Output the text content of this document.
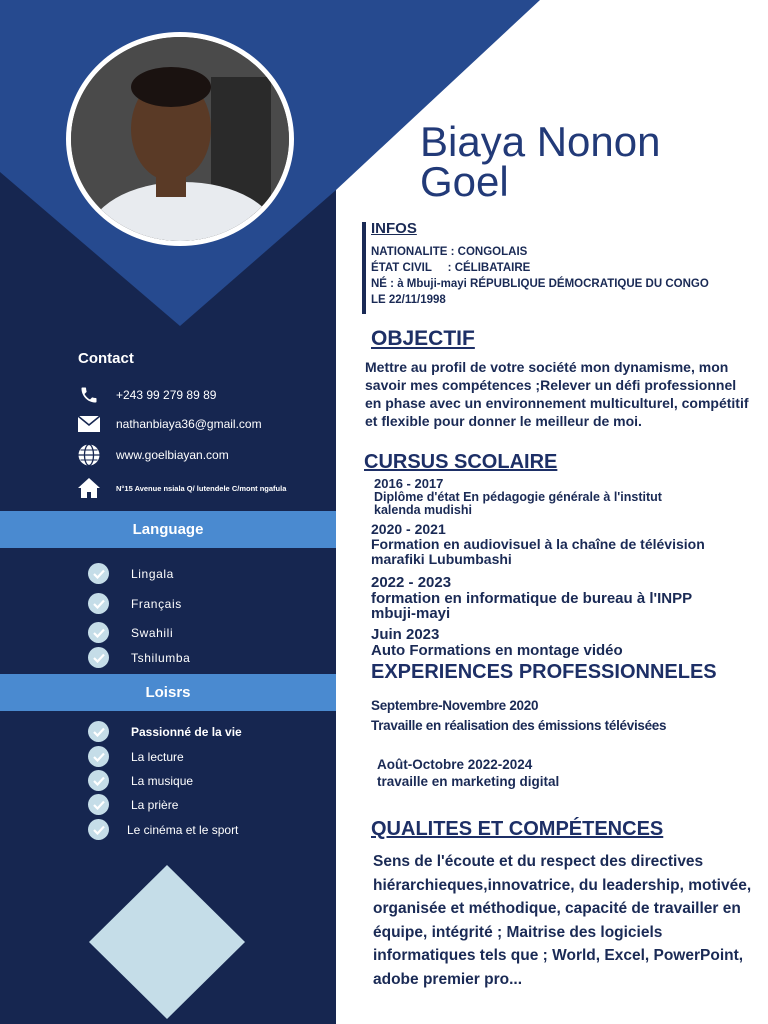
Biaya Nonon
Goel
INFOS
NATIONALITE : CONGOLAIS
ÉTAT CIVIL     : CÉLIBATAIRE
NÉ : à Mbuji-mayi RÉPUBLIQUE DÉMOCRATIQUE DU CONGO
LE 22/11/1998
OBJECTIF
Mettre au profil de votre société mon dynamisme, mon savoir mes compétences ;Relever un défi professionnel en phase avec un environnement multiculturel, compétitif et flexible pour donner le meilleur de moi.
CURSUS SCOLAIRE
2016 - 2017
Diplôme d'état En pédagogie générale à l'institut
kalenda mudishi
2020 - 2021
Formation en audiovisuel à la chaîne de télévision
marafiki Lubumbashi
2022 - 2023
formation en informatique de bureau à l'INPP
mbuji-mayi
Juin 2023
Auto Formations en montage vidéo
EXPERIENCES PROFESSIONNELES
Septembre-Novembre 2020
Travaille en réalisation des émissions télévisées
Août-Octobre 2022-2024
travaille en marketing digital
QUALITES ET COMPÉTENCES
Sens de l'écoute et du respect des directives hiérarchieques,innovatrice, du leadership, motivée, organisée et méthodique, capacité de travailler en équipe, intégrité ; Maitrise des logiciels informatiques tels que ; World, Excel, PowerPoint, adobe premier pro...
Contact
+243 99 279 89 89
nathanbiaya36@gmail.com
www.goelbiayan.com
N°15 Avenue nsiala Q/ lutendele C/mont ngafula
Language
Lingala
Français
Swahili
Tshilumba
Loisrs
Passionné de la vie
La lecture
La musique
La prière
Le cinéma et le sport
